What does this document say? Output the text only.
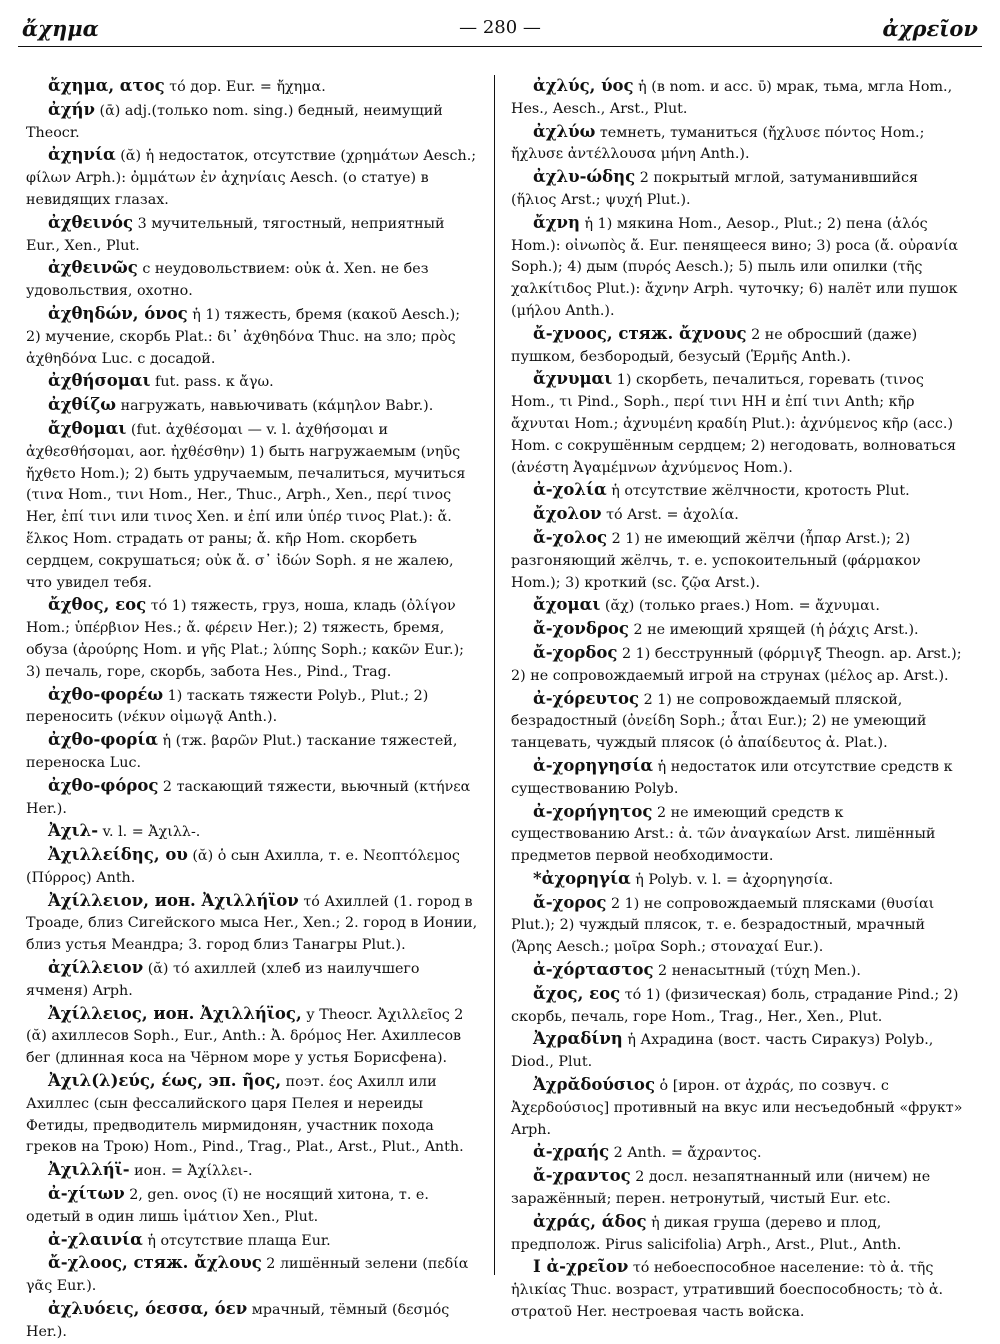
ἄχημα	— 280 —	ἀχρεῖον

ἄχημα, ατος τό дор. Eur. = ἤχημα.

ἀχήν (ᾱ) adj.(только nom. sing.) бедный, неимущий Theocr.

ἀχηνία (ᾰ) ἡ недостаток, отсутствие (χρημάτων Aesch.; φίλων Arph.): ὀμμάτων ἐν ἀχηνίαις Aesch. (о статуе) в невидящих глазах.

ἀχθεινός 3 мучительный, тягостный, неприятный Eur., Xen., Plut.

ἀχθεινῶς с неудовольствием: οὐκ ἀ. Xen. не без удовольствия, охотно.

ἀχθηδών, όνος ἡ 1) тяжесть, бремя (κακοῦ Aesch.); 2) мучение, скорбь Plat.: δι᾽ ἀχθηδόνα Thuc. на зло; πρὸς ἀχθηδόνα Luc. с досадой.

ἀχθήσομαι fut. pass. к ἄγω.

ἀχθίζω нагружать, навьючивать (κάμηλον Babr.).

ἄχθομαι (fut. ἀχθέσομαι — v. l. ἀχθήσομαι и ἀχθεσθήσομαι, aor. ἠχθέσθην) 1) быть нагружаемым (νηῦς ἤχθετο Hom.); 2) быть удручаемым, печалиться, мучиться (τινα Hom., τινι Hom., Her., Thuc., Arph., Xen., περί τινος Her, ἐπί τινι или τινος Xen. и ἐπί или ὑπέρ τινος Plat.): ἄ. ἕλκος Hom. страдать от раны; ἄ. κῆρ Hom. скорбеть сердцем, сокрушаться; οὐκ ἄ. σ᾽ ἰδών Soph. я не жалею, что увидел тебя.

ἄχθος, εος τό 1) тяжесть, груз, ноша, кладь (ὀλίγον Hom.; ὑπέρβιον Hes.; ἄ. φέρειν Her.); 2) тяжесть, бремя, обуза (ἀρούρης Hom. и γῆς Plat.; λύπης Soph.; κακῶν Eur.); 3) печаль, горе, скорбь, забота Hes., Pind., Trag.

ἀχθο-φορέω 1) таскать тяжести Polyb., Plut.; 2) переносить (νέκυν οἰμωγᾷ Anth.).

ἀχθο-φορία ἡ (тж. βαρῶν Plut.) таскание тяжестей, переноска Luc.

ἀχθο-φόρος 2 таскающий тяжести, вьючный (κτήνεα Her.).

Ἀχιλ- v. l. = Ἀχιλλ-.

Ἀχιλλείδης, ου (ᾰ) ὁ сын Ахилла, т. е. Νεοπτόλεμος (Πύρρος) Anth.

Ἀχίλλειον, ион. Ἀχιλλήϊον τό Ахиллей (1. город в Троаде, близ Сигейского мыса Her., Xen.; 2. город в Ионии, близ устья Меандра; 3. город близ Танагры Plut.).

ἀχίλλειον (ᾰ) τό ахиллей (хлеб из наилучшего ячменя) Arph.

Ἀχίλλειος, ион. Ἀχιλλήϊος, у Theocr. Ἀχιλλεῖος 2 (ᾰ) ахиллесов Soph., Eur., Anth.: Ἀ. δρόμος Her. Ахиллесов бег (длинная коса на Чёрном море у устья Борисфена).

Ἀχιλ(λ)εύς, έως, эп. ῆος, поэт. έος Ахилл или Ахиллес (сын фессалийского царя Пелея и нереиды Фетиды, предводитель мирмидонян, участник похода греков на Трою) Hom., Pind., Trag., Plat., Arst., Plut., Anth.

Ἀχιλλήϊ- ион. = Ἀχίλλει-.

ἀ-χίτων 2, gen. ονος (ῐ) не носящий хитона, т. е. одетый в один лишь ἱμάτιον Xen., Plut.

ἀ-χλαινία ἡ отсутствие плаща Eur.

ἄ-χλοος, стяж. ἄχλους 2 лишённый зелени (πεδία γᾶς Eur.).

ἀχλυόεις, όεσσα, όεν мрачный, тёмный (δεσμός Her.).

ἀχλύς, ύος ἡ (в nom. и acc. ῡ) мрак, тьма, мгла Hom., Hes., Aesch., Arst., Plut.

ἀχλύω темнеть, туманиться (ἤχλυσε πόντος Hom.; ἤχλυσε ἀντέλλουσα μήνη Anth.).

ἀχλυ-ώδης 2 покрытый мглой, затуманившийся (ἥλιος Arst.; ψυχή Plut.).

ἄχνη ἡ 1) мякина Hom., Aesop., Plut.; 2) пена (ἁλός Hom.): οἰνωπὸς ἄ. Eur. пенящееся вино; 3) роса (ἄ. οὐρανία Soph.); 4) дым (πυρός Aesch.); 5) пыль или опилки (τῆς χαλκίτιδος Plut.): ἄχνην Arph. чуточку; 6) налёт или пушок (μήλου Anth.).

ἄ-χνοος, стяж. ἄχνους 2 не обросший (даже) пушком, безбородый, безусый (Ἑρμῆς Anth.).

ἄχνυμαι 1) скорбеть, печалиться, горевать (τινος Hom., τι Pind., Soph., περί τινι HH и ἐπί τινι Anth; κῆρ ἄχνυται Hom.; ἀχνυμένη κραδίη Plut.): ἀχνύμενος κῆρ (acc.) Hom. с сокрушённым сердцем; 2) негодовать, волноваться (ἀνέστη Ἀγαμέμνων ἀχνύμενος Hom.).

ἀ-χολία ἡ отсутствие жёлчности, кротость Plut.

ἄχολον τό Arst. = ἀχολία.

ἄ-χολος 2 1) не имеющий жёлчи (ἧπαρ Arst.); 2) разгоняющий жёлчь, т. е. успокоительный (φάρμακον Hom.); 3) кроткий (sc. ζῷα Arst.).

ἄχομαι (ᾰχ) (только praes.) Hom. = ἄχνυμαι.

ἄ-χονδρος 2 не имеющий хрящей (ἡ ῥάχις Arst.).

ἄ-χορδος 2 1) бесструнный (φόρμιγξ Theogn. ap. Arst.); 2) не сопровождаемый игрой на струнах (μέλος ap. Arst.).

ἀ-χόρευτος 2 1) не сопровождаемый пляской, безрадостный (ὀνείδη Soph.; ἆται Eur.); 2) не умеющий танцевать, чуждый плясок (ὁ ἀπαίδευτος ἀ. Plat.).

ἀ-χορηγησία ἡ недостаток или отсутствие средств к существованию Polyb.

ἀ-χορήγητος 2 не имеющий средств к существованию Arst.: ἀ. τῶν ἀναγκαίων Arst. лишённый предметов первой необходимости.

*ἀχορηγία ἡ Polyb. v. l. = ἀχορηγησία.

ἄ-χορος 2 1) не сопровождаемый плясками (θυσίαι Plut.); 2) чуждый плясок, т. е. безрадостный, мрачный (Ἄρης Aesch.; μοῖρα Soph.; στοναχαί Eur.).

ἀ-χόρταστος 2 ненасытный (τύχη Men.).

ἄχος, εος τό 1) (физическая) боль, страдание Pind.; 2) скорбь, печаль, горе Hom., Trag., Her., Xen., Plut.

Ἀχραδίνη ἡ Ахрадина (вост. часть Сиракуз) Polyb., Diod., Plut.

Ἀχρᾰδούσιος ὁ [ирон. от ἀχράς, по созвуч. с Ἀχερδούσιος] противный на вкус или несъедобный «фрукт» Arph.

ἀ-χραής 2 Anth. = ἄχραντος.

ἄ-χραντος 2 досл. незапятнанный или (ничем) не заражённый; перен. нетронутый, чистый Eur. etc.

ἀχράς, άδος ἡ дикая груша (дерево и плод, предполож. Pirus salicifolia) Arph., Arst., Plut., Anth.

I ἀ-χρεῖον τό небоеспособное население: τὸ ἀ. τῆς ἡλικίας Thuc. возраст, утративший боеспособность; τὸ ἀ. στρατοῦ Her. нестроевая часть войска.
